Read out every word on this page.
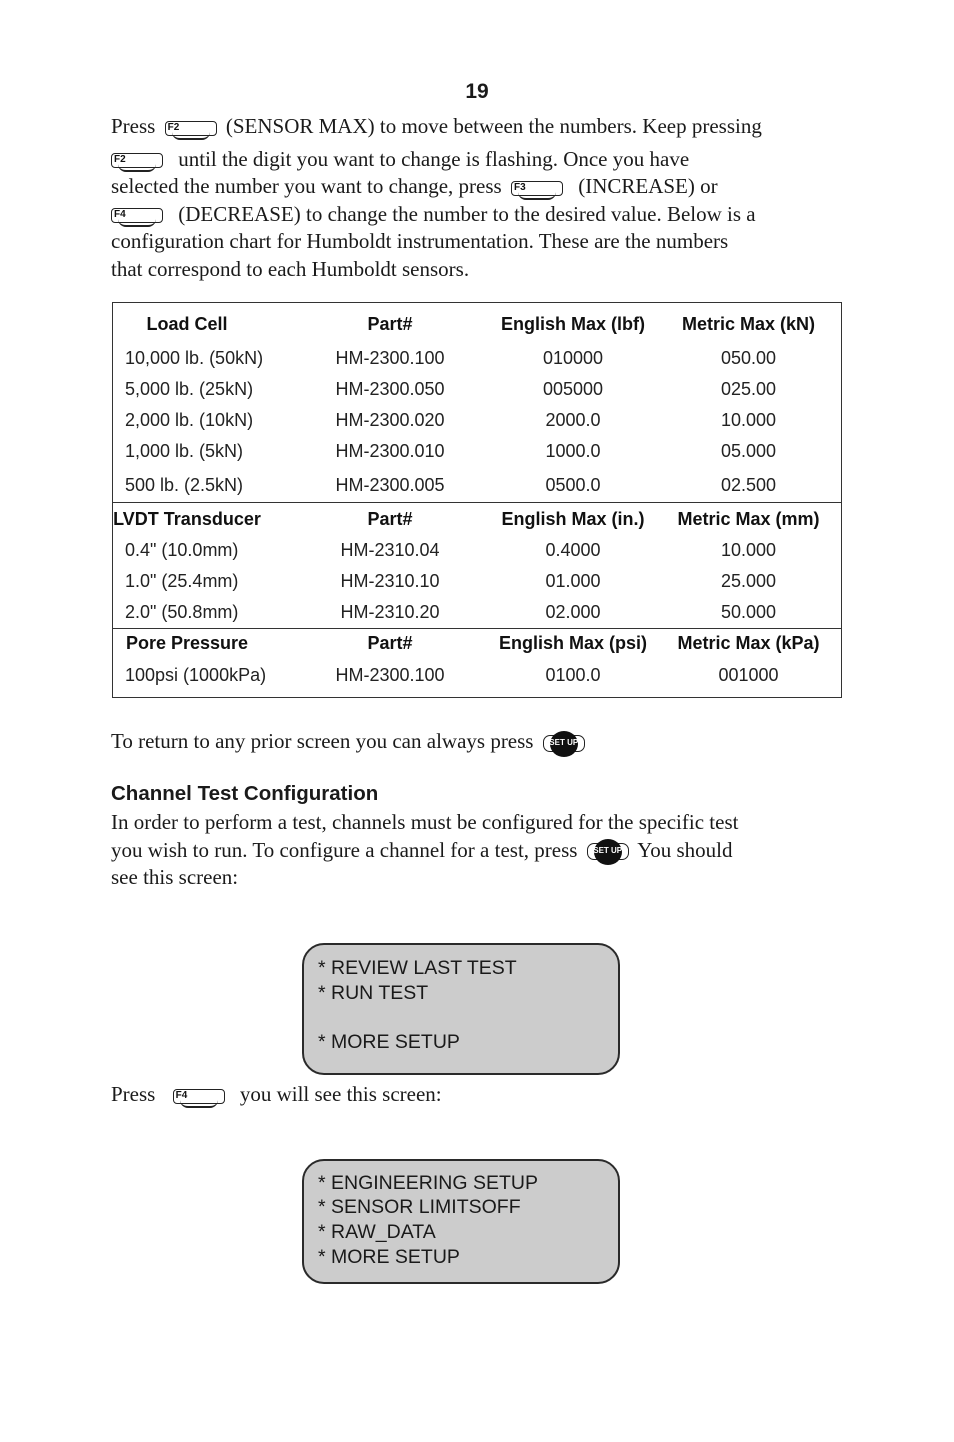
19
Press F2 (SENSOR MAX) to move between the numbers. Keep pressing
F2	until the digit you want to change is flashing. Once you have
selected the number you want to change, press F3	(INCREASE) or
F4	(DECREASE) to change the number to the desired value. Below is a
configuration chart for Humboldt instrumentation. These are the numbers
that correspond to each Humboldt sensors.
Load Cell	Part#	English Max (lbf)	Metric Max (kN)
10,000 lb. (50kN)	HM-2300.100	010000	050.00
5,000 lb. (25kN)	HM-2300.050	005000	025.00
2,000 lb. (10kN)	HM-2300.020	2000.0	10.000
1,000 lb. (5kN)	HM-2300.010	1000.0	05.000
500 lb. (2.5kN)	HM-2300.005	0500.0	02.500
LVDT Transducer	Part#	English Max (in.)	Metric Max (mm)
0.4" (10.0mm)	HM-2310.04	0.4000	10.000
1.0" (25.4mm)	HM-2310.10	01.000	25.000
2.0" (50.8mm)	HM-2310.20	02.000	50.000
Pore Pressure	Part#	English Max (psi)	Metric Max (kPa)
100psi (1000kPa)	HM-2300.100	0100.0	001000
To return to any prior screen you can always press	SET UP
Channel Test Configuration
In order to perform a test, channels must be configured for the specific test
you wish to run. To configure a channel for a test, press	SET UP You should
see this screen:
* REVIEW LAST TEST
* RUN TEST
* MORE SETUP
Press F4	you will see this screen:
* ENGINEERING SETUP
* SENSOR LIMITSOFF
* RAW_DATA
* MORE SETUP
